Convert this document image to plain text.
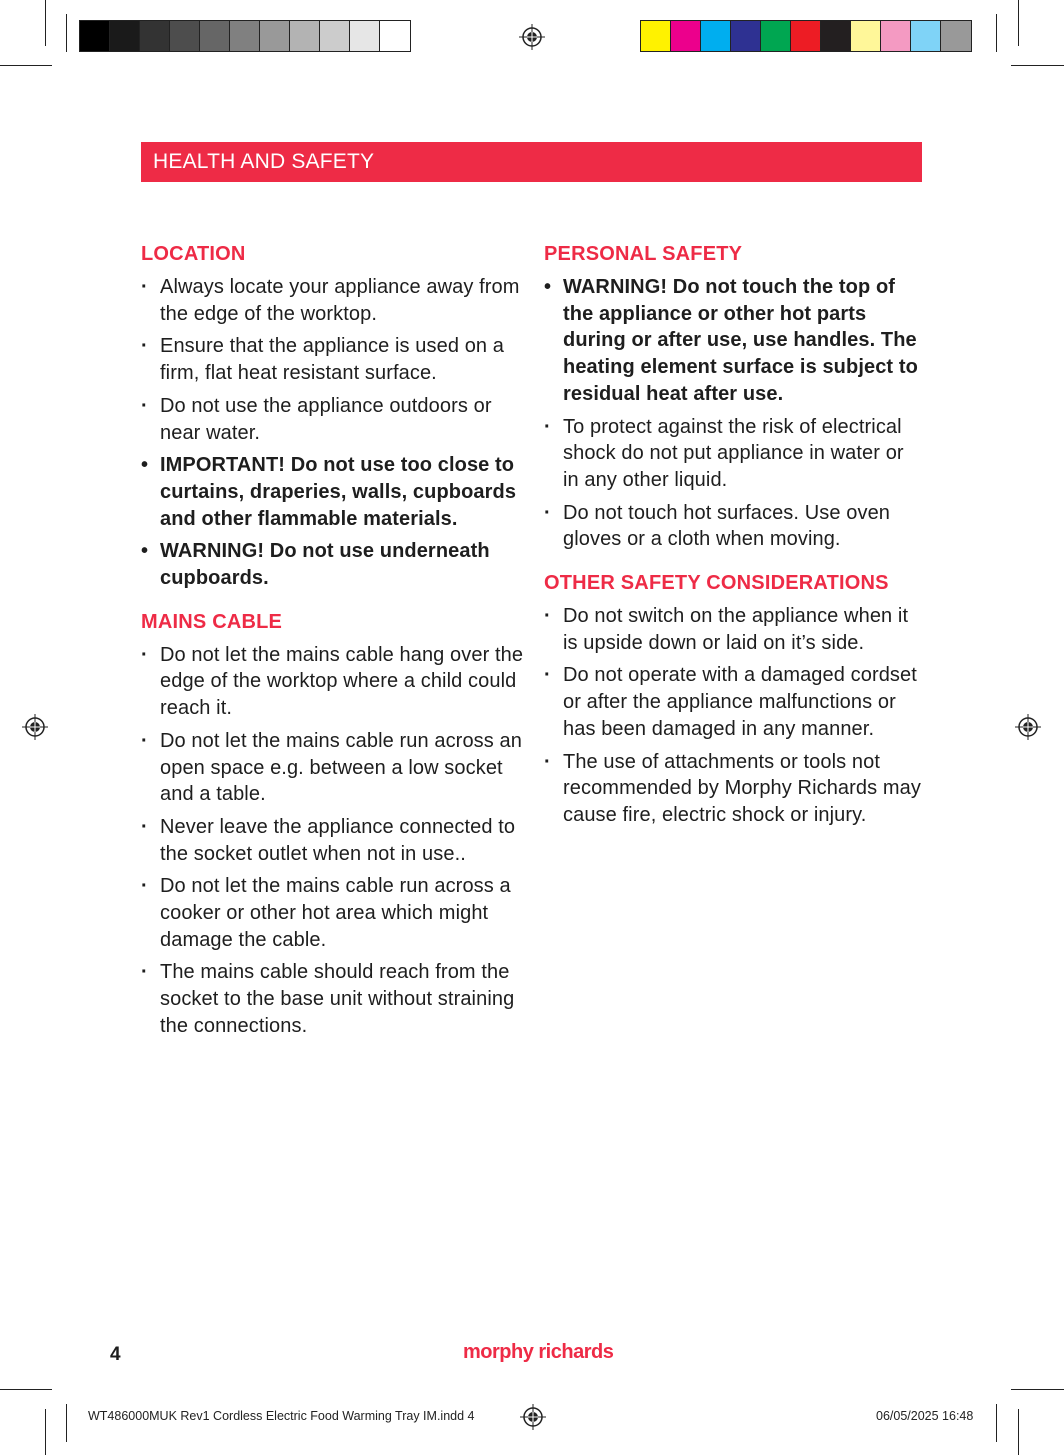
HEALTH AND SAFETY
LOCATION
· Always locate your appliance away from the edge of the worktop.
· Ensure that the appliance is used on a firm, flat heat resistant surface.
· Do not use the appliance outdoors or near water.
• IMPORTANT! Do not use too close to curtains, draperies, walls, cupboards and other flammable materials.
• WARNING! Do not use underneath cupboards.
MAINS CABLE
· Do not let the mains cable hang over the edge of the worktop where a child could reach it.
· Do not let the mains cable run across an open space e.g. between a low socket and a table.
· Never leave the appliance connected to the socket outlet when not in use..
· Do not let the mains cable run across a cooker or other hot area which might damage the cable.
· The mains cable should reach from the socket to the base unit without straining the connections.
PERSONAL SAFETY
• WARNING! Do not touch the top of the appliance or other hot parts during or after use, use handles. The heating element surface is subject to residual heat after use.
· To protect against the risk of electrical shock do not put appliance in water or in any other liquid.
· Do not touch hot surfaces. Use oven gloves or a cloth when moving.
OTHER SAFETY CONSIDERATIONS
· Do not switch on the appliance when it is upside down or laid on it’s side.
· Do not operate with a damaged cordset or after the appliance malfunctions or has been damaged in any manner.
· The use of attachments or tools not recommended by Morphy Richards may cause fire, electric shock or injury.
4	morphy richards
WT486000MUK Rev1 Cordless Electric Food Warming Tray IM.indd 4	06/05/2025 16:48
